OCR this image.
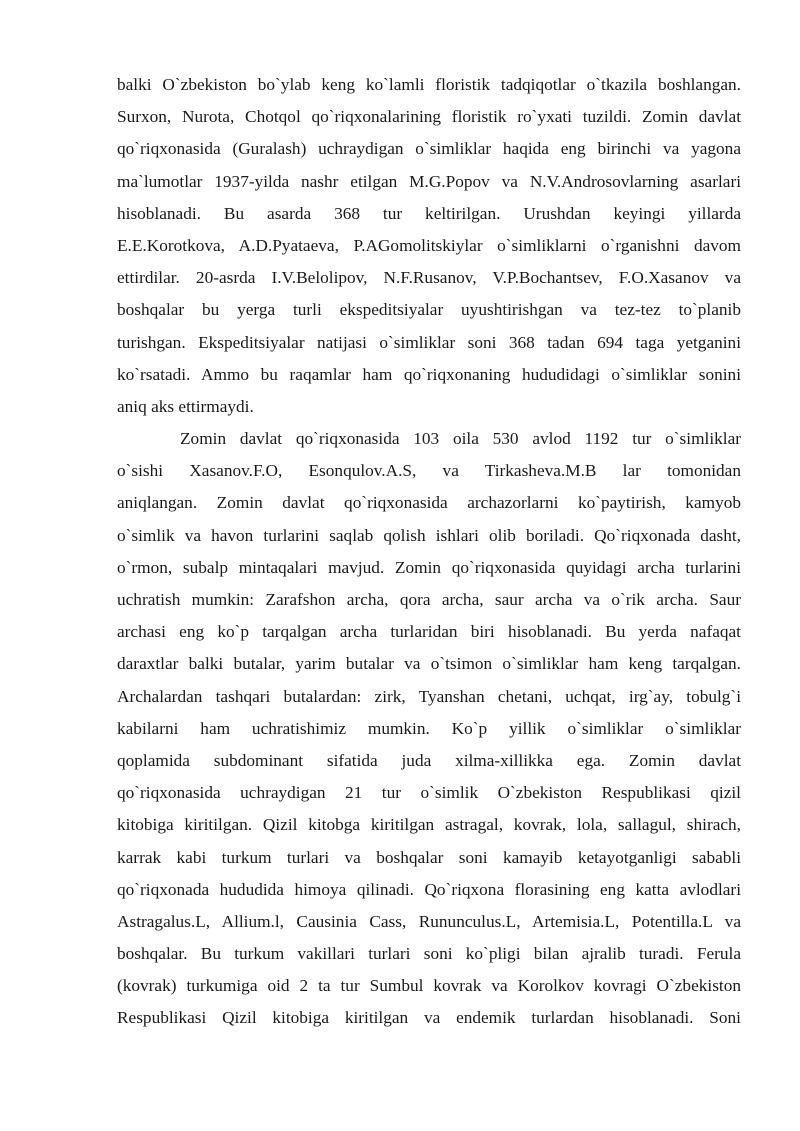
balki O`zbekiston bo`ylab keng ko`lamli floristik tadqiqotlar o`tkazila boshlangan.
Surxon, Nurota, Chotqol qo`riqxonalarining floristik ro`yxati tuzildi. Zomin davlat
qo`riqxonasida (Guralash) uchraydigan o`simliklar haqida eng birinchi va yagona
ma`lumotlar 1937-yilda nashr etilgan M.G.Popov va N.V.Androsovlarning asarlari
hisoblanadi. Bu asarda 368 tur keltirilgan. Urushdan keyingi yillarda
E.E.Korotkova, A.D.Pyataeva, P.AGomolitskiylar o`simliklarni o`rganishni davom
ettirdilar. 20-asrda I.V.Belolipov, N.F.Rusanov, V.P.Bochantsev, F.O.Xasanov va
boshqalar bu yerga turli ekspeditsiyalar uyushtirishgan va tez-tez to`planib
turishgan. Ekspeditsiyalar natijasi o`simliklar soni 368 tadan 694 taga yetganini
ko`rsatadi. Ammo bu raqamlar ham qo`riqxonaning hududidagi o`simliklar sonini
aniq aks ettirmaydi.
Zomin davlat qo`riqxonasida 103 oila 530 avlod 1192 tur o`simliklar
o`sishi Xasanov.F.O, Esonqulov.A.S, va Tirkasheva.M.B lar tomonidan
aniqlangan. Zomin davlat qo`riqxonasida archazorlarni ko`paytirish, kamyob
o`simlik va havon turlarini saqlab qolish ishlari olib boriladi. Qo`riqxonada dasht,
o`rmon, subalp mintaqalari mavjud. Zomin qo`riqxonasida quyidagi archa turlarini
uchratish mumkin: Zarafshon archa, qora archa, saur archa va o`rik archa. Saur
archasi eng ko`p tarqalgan archa turlaridan biri hisoblanadi. Bu yerda nafaqat
daraxtlar balki butalar, yarim butalar va o`tsimon o`simliklar ham keng tarqalgan.
Archalardan tashqari butalardan: zirk, Tyanshan chetani, uchqat, irg`ay, tobulg`i
kabilarni ham uchratishimiz mumkin. Ko`p yillik o`simliklar o`simliklar
qoplamida subdominant sifatida juda xilma-xillikka ega. Zomin davlat
qo`riqxonasida uchraydigan 21 tur o`simlik O`zbekiston Respublikasi qizil
kitobiga kiritilgan. Qizil kitobga kiritilgan astragal, kovrak, lola, sallagul, shirach,
karrak kabi turkum turlari va boshqalar soni kamayib ketayotganligi sababli
qo`riqxonada hududida himoya qilinadi. Qo`riqxona florasining eng katta avlodlari
Astragalus.L, Allium.l, Causinia Cass, Rununculus.L, Artemisia.L, Potentilla.L va
boshqalar. Bu turkum vakillari turlari soni ko`pligi bilan ajralib turadi. Ferula
(kovrak) turkumiga oid 2 ta tur Sumbul kovrak va Korolkov kovragi O`zbekiston
Respublikasi Qizil kitobiga kiritilgan va endemik turlardan hisoblanadi. Soni
